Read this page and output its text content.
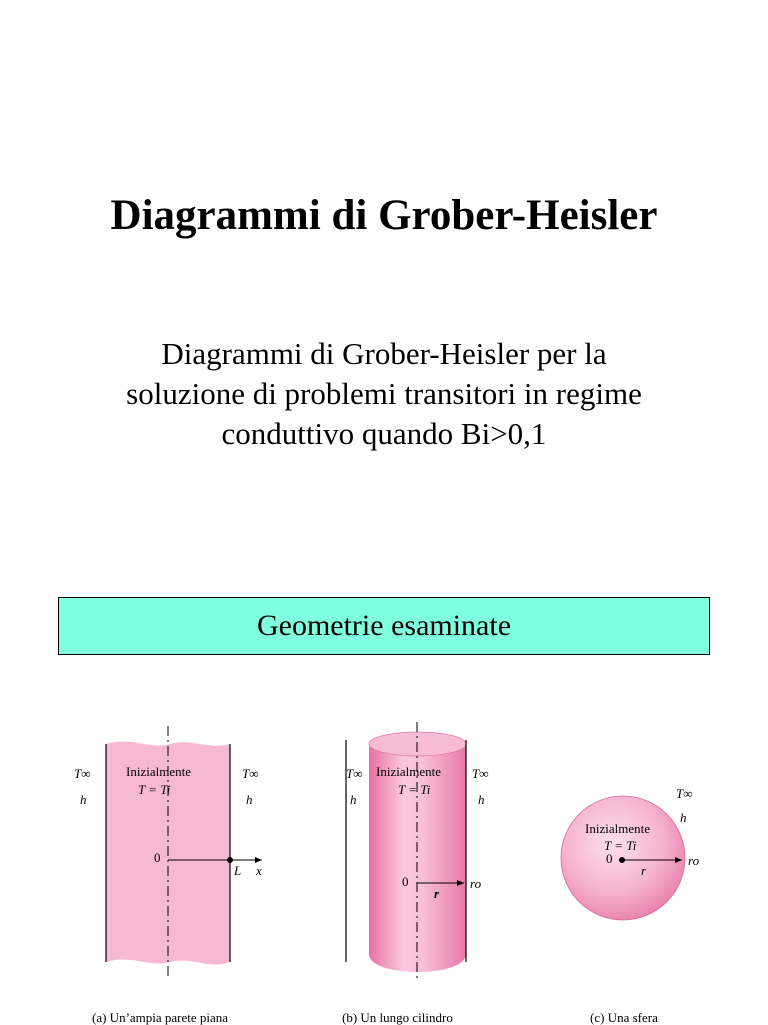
Diagrammi di Grober-Heisler
Diagrammi di Grober-Heisler per la
soluzione di problemi transitori in regime
conduttivo quando Bi>0,1
Geometrie esaminate
T∞
h
Inizialmente
T = Ti
T∞
h
0
L x
(a) Un’ampia parete piana
T∞
h
Inizialmente
T = Ti
T∞
h
0
r
ro
(b) Un lungo cilindro
T∞
h
Inizialmente
T = Ti
0
r
ro
(c) Una sfera
